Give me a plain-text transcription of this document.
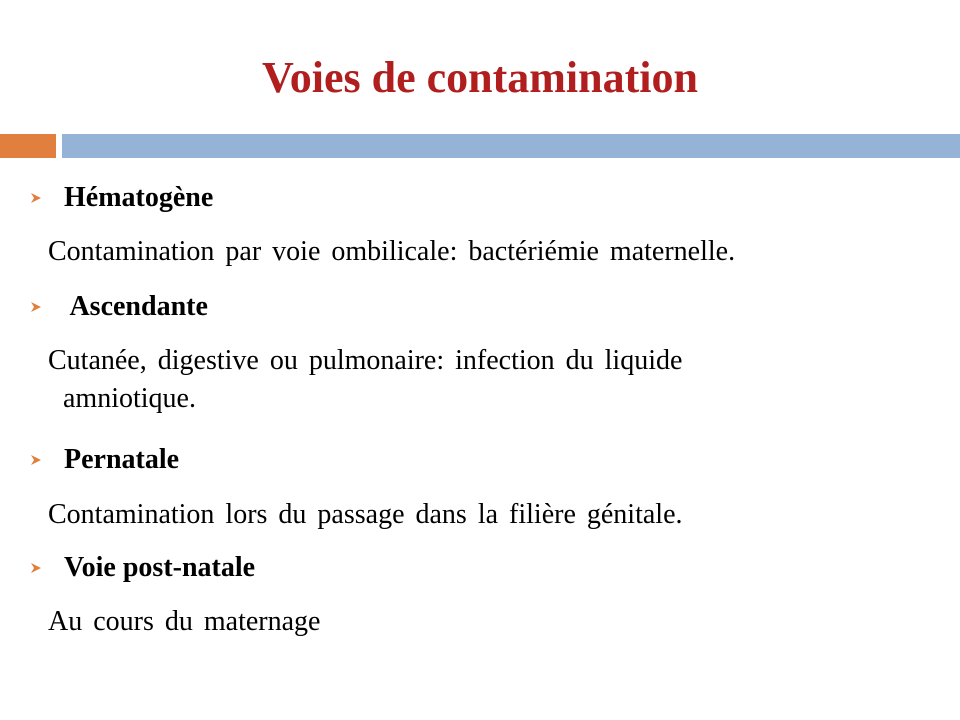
Voies de contamination
Hématogène
Contamination par voie ombilicale: bactériémie maternelle.
Ascendante
Cutanée, digestive ou pulmonaire: infection du liquide
amniotique.
Pernatale
Contamination lors du passage dans la filière génitale.
Voie post-natale
Au cours du maternage
